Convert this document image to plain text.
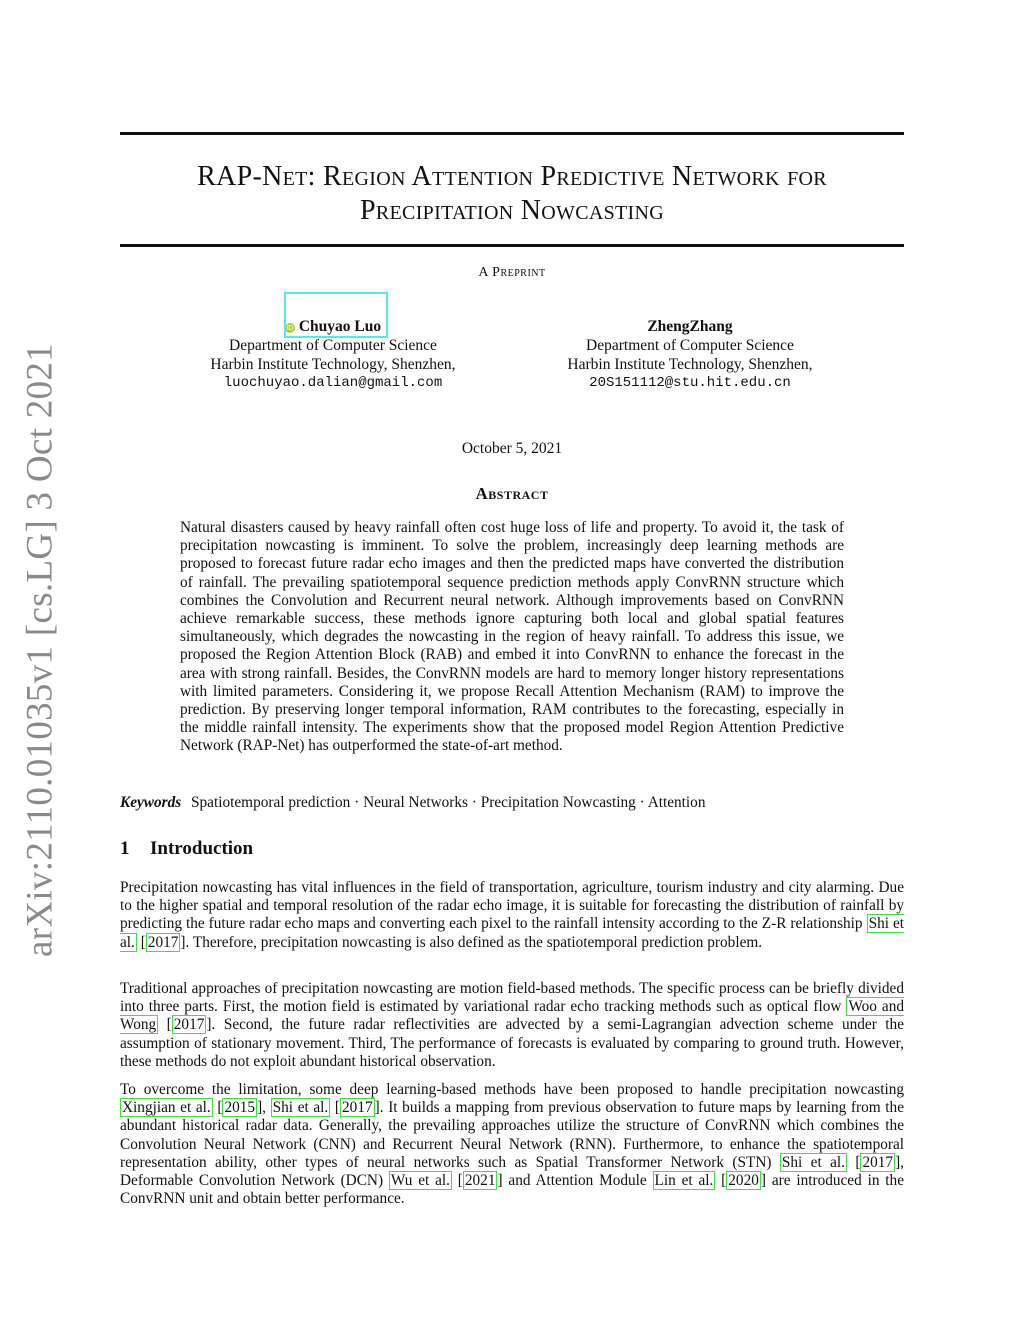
arXiv:2110.01035v1 [cs.LG] 3 Oct 2021
RAP-Net: Region Attention Predictive Network for
Precipitation Nowcasting
A Preprint
iD Chuyao Luo
Department of Computer Science
Harbin Institute Technology, Shenzhen,
luochuyao.dalian@gmail.com
ZhengZhang
Department of Computer Science
Harbin Institute Technology, Shenzhen,
20S151112@stu.hit.edu.cn
October 5, 2021
Abstract

Natural disasters caused by heavy rainfall often cost huge loss of life and property. To avoid it, the task of precipitation nowcasting is imminent. To solve the problem, increasingly deep learning methods are proposed to forecast future radar echo images and then the predicted maps have converted the distribution of rainfall. The prevailing spatiotemporal sequence prediction methods apply ConvRNN structure which combines the Convolution and Recurrent neural network. Although improvements based on ConvRNN achieve remarkable success, these methods ignore capturing both local and global spatial features simultaneously, which degrades the nowcasting in the region of heavy rainfall. To address this issue, we proposed the Region Attention Block (RAB) and embed it into ConvRNN to enhance the forecast in the area with strong rainfall. Besides, the ConvRNN models are hard to memory longer history representations with limited parameters. Considering it, we propose Recall Attention Mechanism (RAM) to improve the prediction. By preserving longer temporal information, RAM contributes to the forecasting, especially in the middle rainfall intensity. The experiments show that the proposed model Region Attention Predictive Network (RAP-Net) has outperformed the state-of-art method.

Keywords Spatiotemporal prediction · Neural Networks · Precipitation Nowcasting · Attention
1 Introduction

Precipitation nowcasting has vital influences in the field of transportation, agriculture, tourism industry and city alarming. Due to the higher spatial and temporal resolution of the radar echo image, it is suitable for forecasting the distribution of rainfall by predicting the future radar echo maps and converting each pixel to the rainfall intensity according to the Z-R relationship Shi et al. [ 2017 ]. Therefore, precipitation nowcasting is also defined as the spatiotemporal prediction problem.

Traditional approaches of precipitation nowcasting are motion field-based methods. The specific process can be briefly divided into three parts. First, the motion field is estimated by variational radar echo tracking methods such as optical flow Woo and Wong [ 2017 ]. Second, the future radar reflectivities are advected by a semi-Lagrangian advection scheme under the assumption of stationary movement. Third, The performance of forecasts is evaluated by comparing to ground truth. However, these methods do not exploit abundant historical observation.

To overcome the limitation, some deep learning-based methods have been proposed to handle precipitation nowcasting Xingjian et al. [ 2015 ], Shi et al. [ 2017 ]. It builds a mapping from previous observation to future maps by learning from the abundant historical radar data. Generally, the prevailing approaches utilize the structure of ConvRNN which combines the Convolution Neural Network (CNN) and Recurrent Neural Network (RNN). Furthermore, to enhance the spatiotemporal representation ability, other types of neural networks such as Spatial Transformer Network (STN) Shi et al. [ 2017 ], Deformable Convolution Network (DCN) Wu et al. [ 2021 ] and Attention Module Lin et al. [ 2020 ] are introduced in the ConvRNN unit and obtain better performance.
